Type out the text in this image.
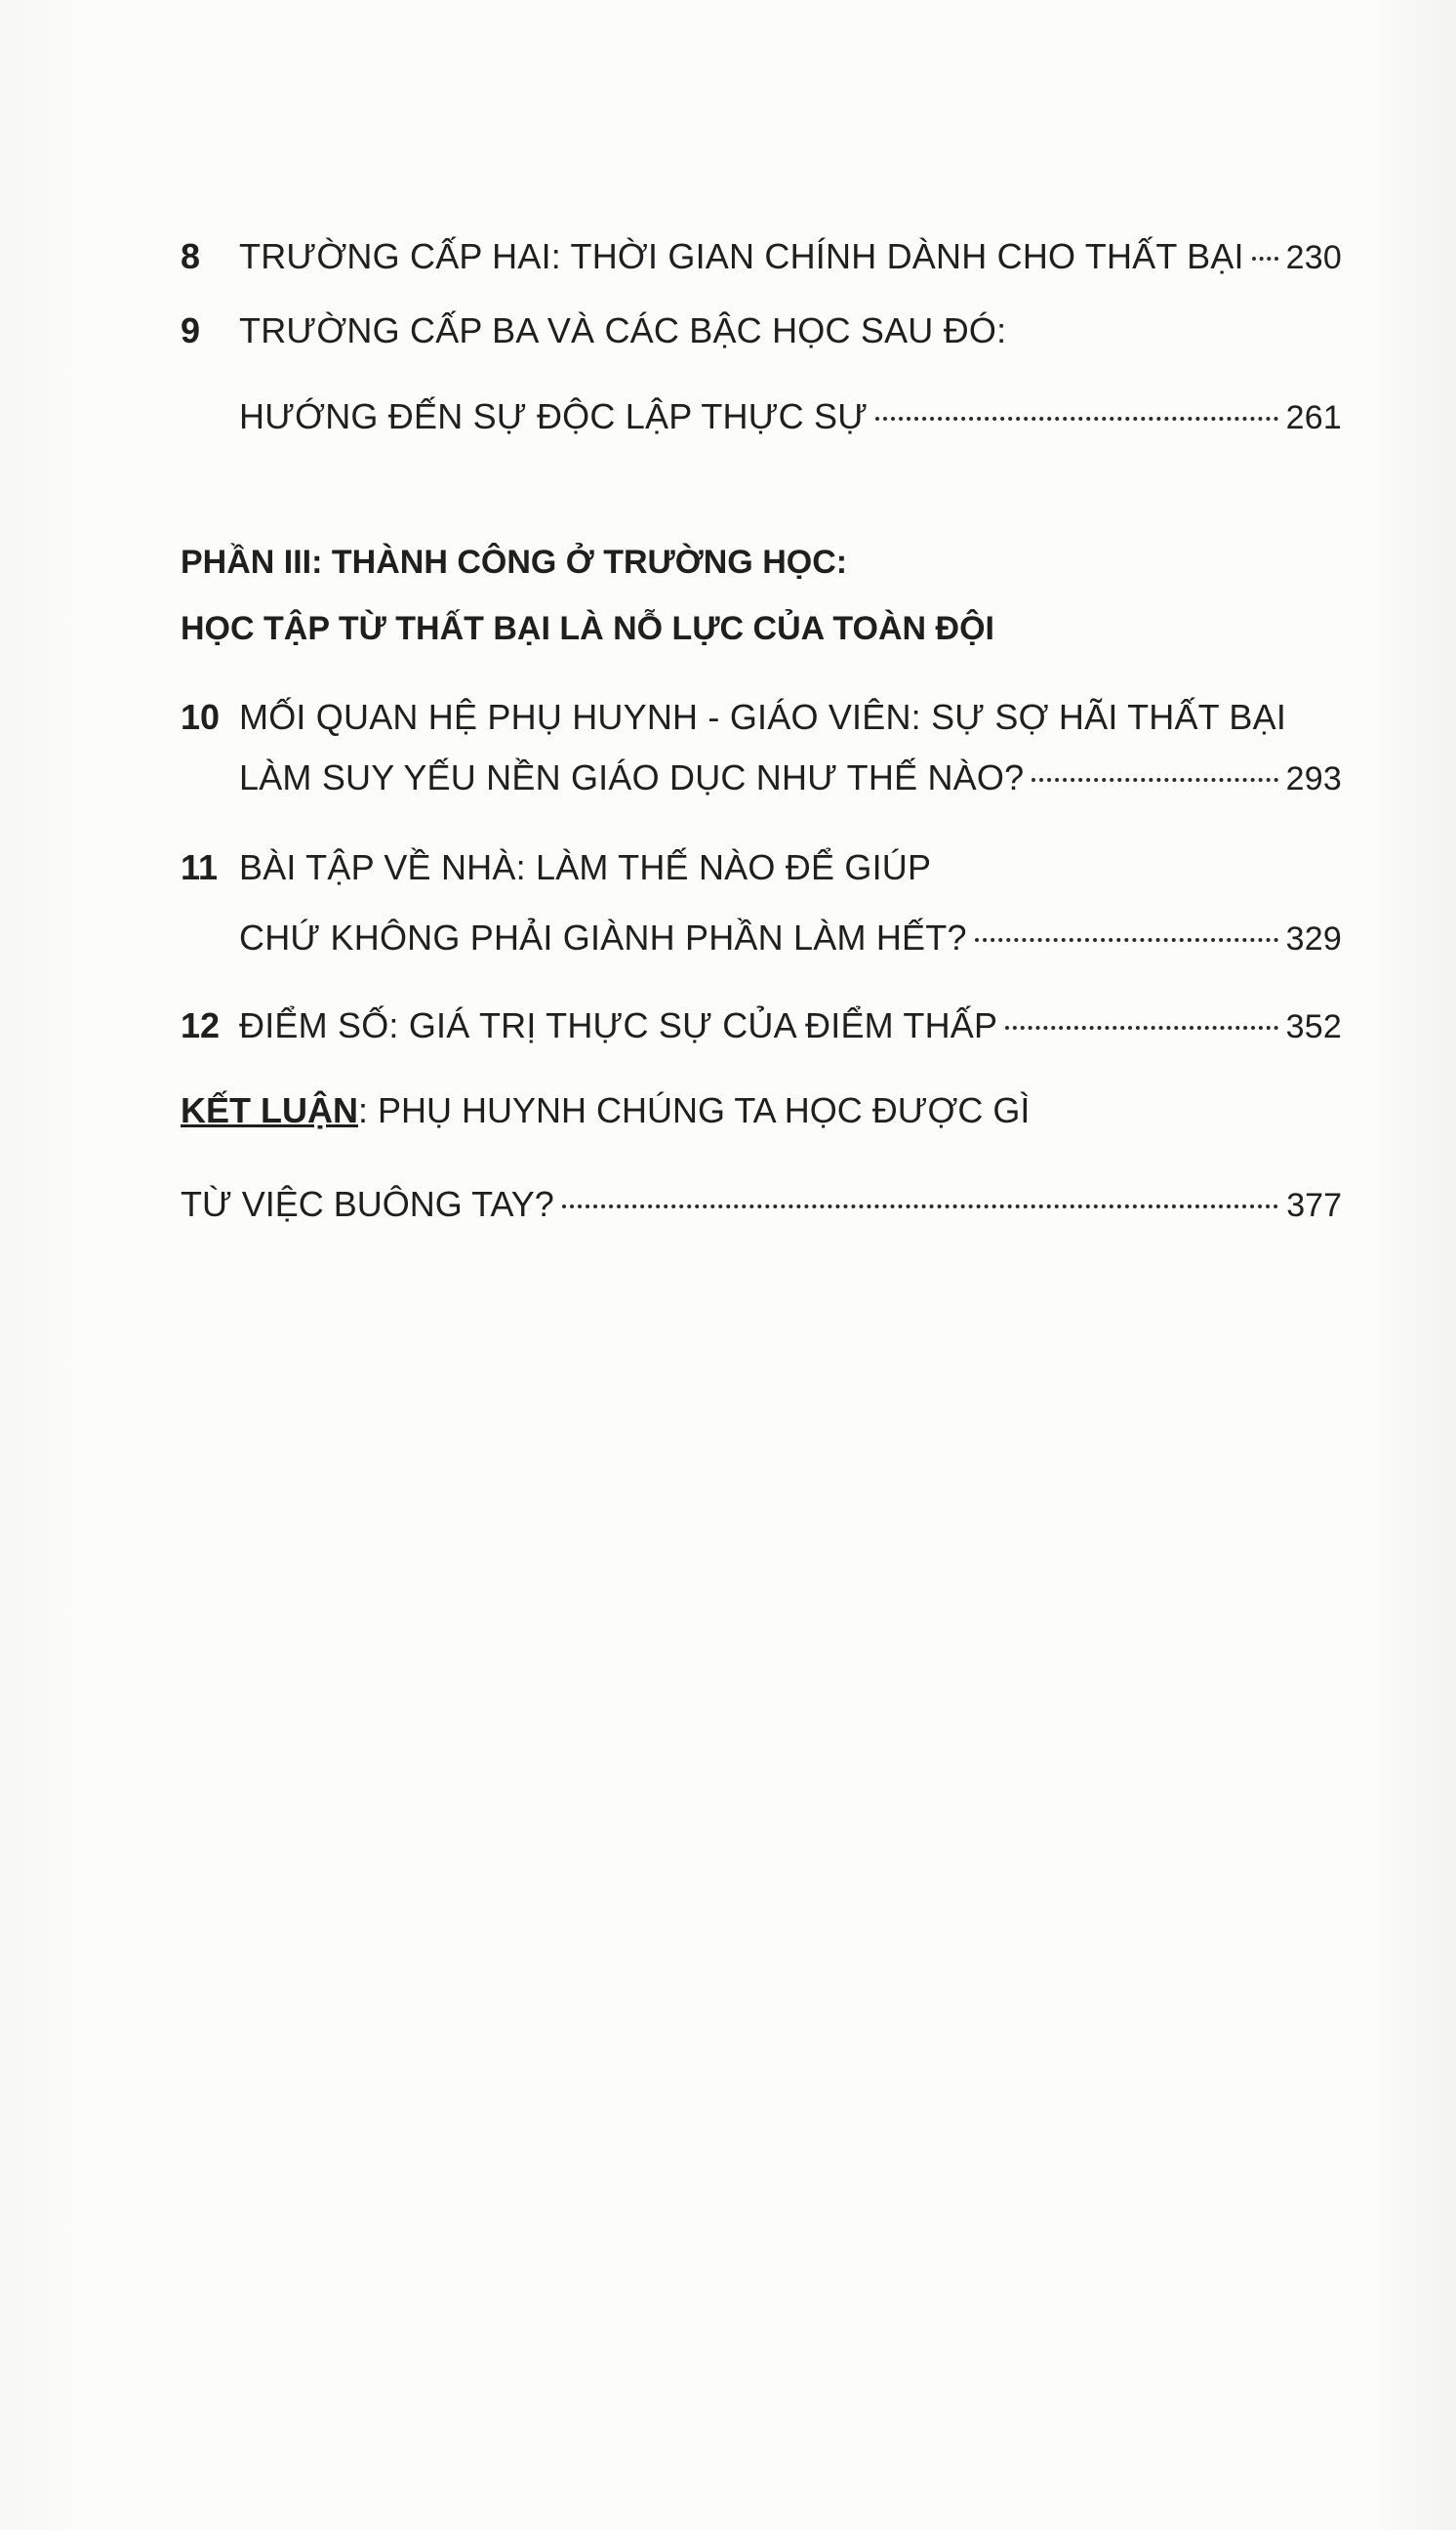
8	TRƯỜNG CẤP HAI: THỜI GIAN CHÍNH DÀNH CHO THẤT BẠI 230
9	TRƯỜNG CẤP BA VÀ CÁC BẬC HỌC SAU ĐÓ:
HƯỚNG ĐẾN SỰ ĐỘC LẬP THỰC SỰ	261
PHẦN III: THÀNH CÔNG Ở TRƯỜNG HỌC:
HỌC TẬP TỪ THẤT BẠI LÀ NỖ LỰC CỦA TOÀN ĐỘI
10 MỐI QUAN HỆ PHỤ HUYNH - GIÁO VIÊN: SỰ SỢ HÃI THẤT BẠI
LÀM SUY YẾU NỀN GIÁO DỤC NHƯ THẾ NÀO?	293
11 BÀI TẬP VỀ NHÀ: LÀM THẾ NÀO ĐỂ GIÚP
CHỨ KHÔNG PHẢI GIÀNH PHẦN LÀM HẾT?	329
12 ĐIỂM SỐ: GIÁ TRỊ THỰC SỰ CỦA ĐIỂM THẤP	352
KẾT LUẬN : PHỤ HUYNH CHÚNG TA HỌC ĐƯỢC GÌ
TỪ VIỆC BUÔNG TAY?	377
